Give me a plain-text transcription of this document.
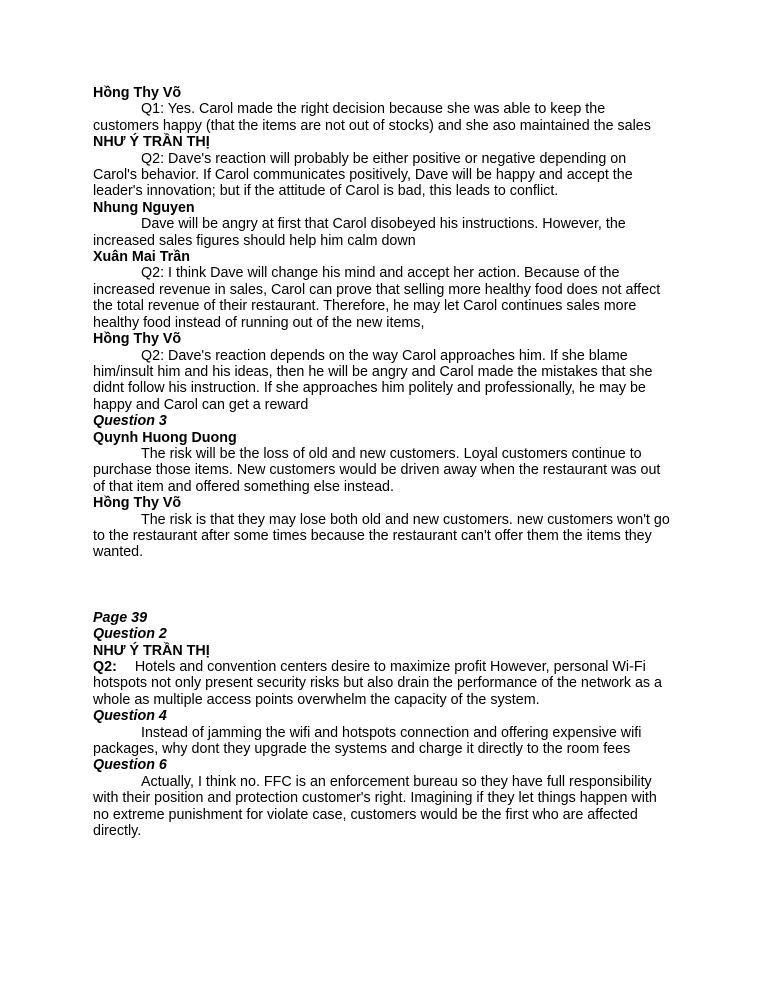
Hồng Thy Võ

Q1: Yes. Carol made the right decision because she was able to keep the customers happy (that the items are not out of stocks) and she aso maintained the sales

NHƯ Ý TRẦN THỊ

Q2: Dave's reaction will probably be either positive or negative depending on Carol's behavior. If Carol communicates positively, Dave will be happy and accept the leader's innovation; but if the attitude of Carol is bad, this leads to conflict.

Nhung Nguyen

Dave will be angry at first that Carol disobeyed his instructions. However, the increased sales figures should help him calm down

Xuân Mai Trần

Q2: I think Dave will change his mind and accept her action. Because of the increased revenue in sales, Carol can prove that selling more healthy food does not affect the total revenue of their restaurant. Therefore, he may let Carol continues sales more healthy food instead of running out of the new items,

Hồng Thy Võ

Q2: Dave's reaction depends on the way Carol approaches him. If she blame him/insult him and his ideas, then he will be angry and Carol made the mistakes that she didnt follow his instruction. If she approaches him politely and professionally, he may be happy and Carol can get a reward

Question 3

Quynh Huong Duong

The risk will be the loss of old and new customers. Loyal customers continue to purchase those items. New customers would be driven away when the restaurant was out of that item and offered something else instead.

Hồng Thy Võ

The risk is that they may lose both old and new customers. new customers won't go to the restaurant after some times because the restaurant can't offer them the items they wanted.

Page 39

Question 2

NHƯ Ý TRẦN THỊ

Q2: Hotels and convention centers desire to maximize profit However, personal Wi-Fi hotspots not only present security risks but also drain the performance of the network as a whole as multiple access points overwhelm the capacity of the system.

Question 4

Instead of jamming the wifi and hotspots connection and offering expensive wifi packages, why dont they upgrade the systems and charge it directly to the room fees

Question 6

Actually, I think no. FFC is an enforcement bureau so they have full responsibility with their position and protection customer's right. Imagining if they let things happen with no extreme punishment for violate case, customers would be the first who are affected directly.
